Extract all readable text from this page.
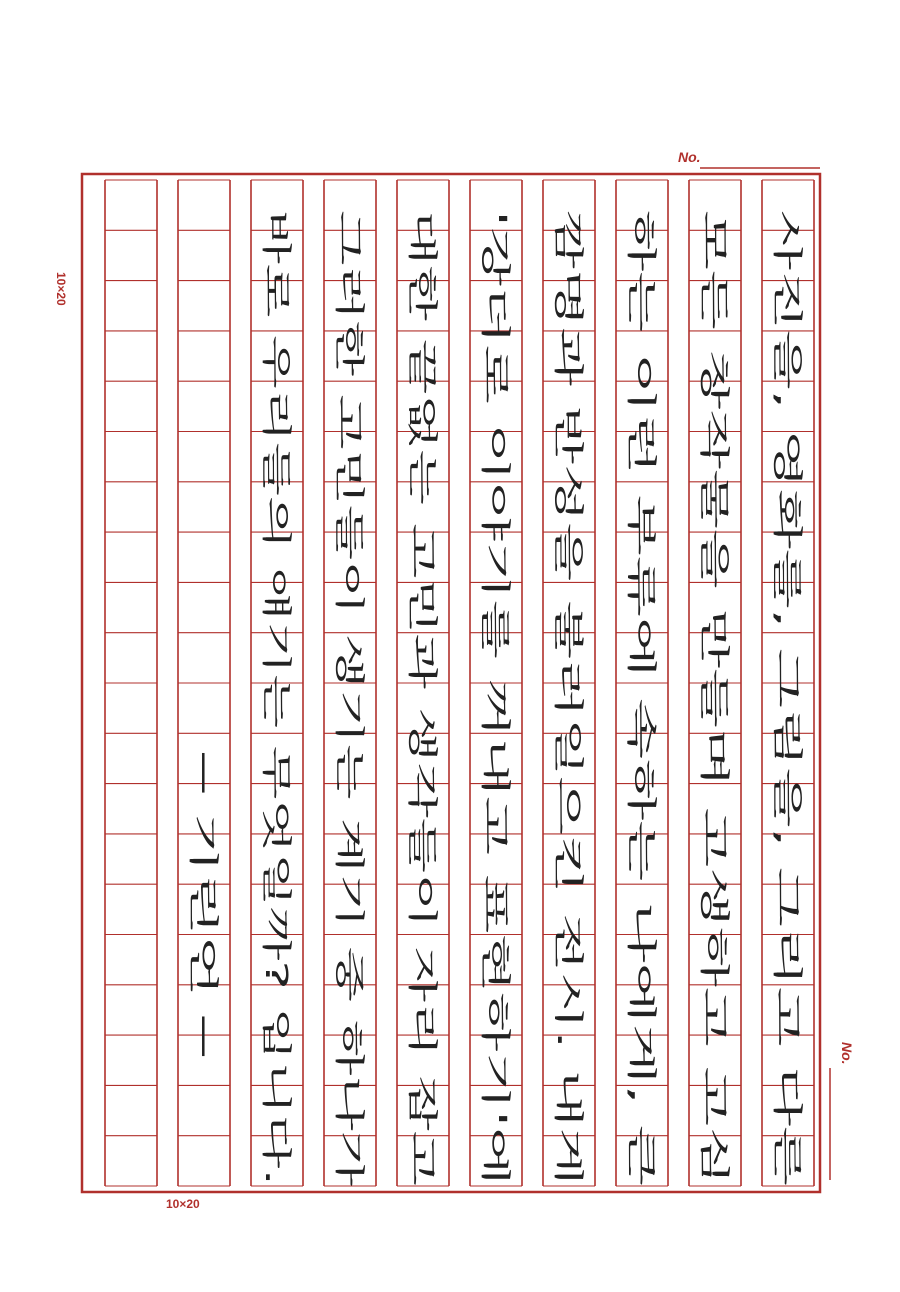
No.
No.
10×20
10×20
사진을, 영화를, 그림을, 그리고 다른
모든 창작물을 만들며 고생하고 고심
하는 이런 부류에 속하는 나에게, 큰
깜명과 반성을 불러일으킨 전시. 내게
'강더로 이야기를 꺼내고 표현하기'에
대한 끝없는 고민과 생각들이 자리 잡고
그러한 고민들이 생기는 계기 중 하나가
바로 우리들의 얘기는 무엇일까? 입니다.
─ 기린언 ─
